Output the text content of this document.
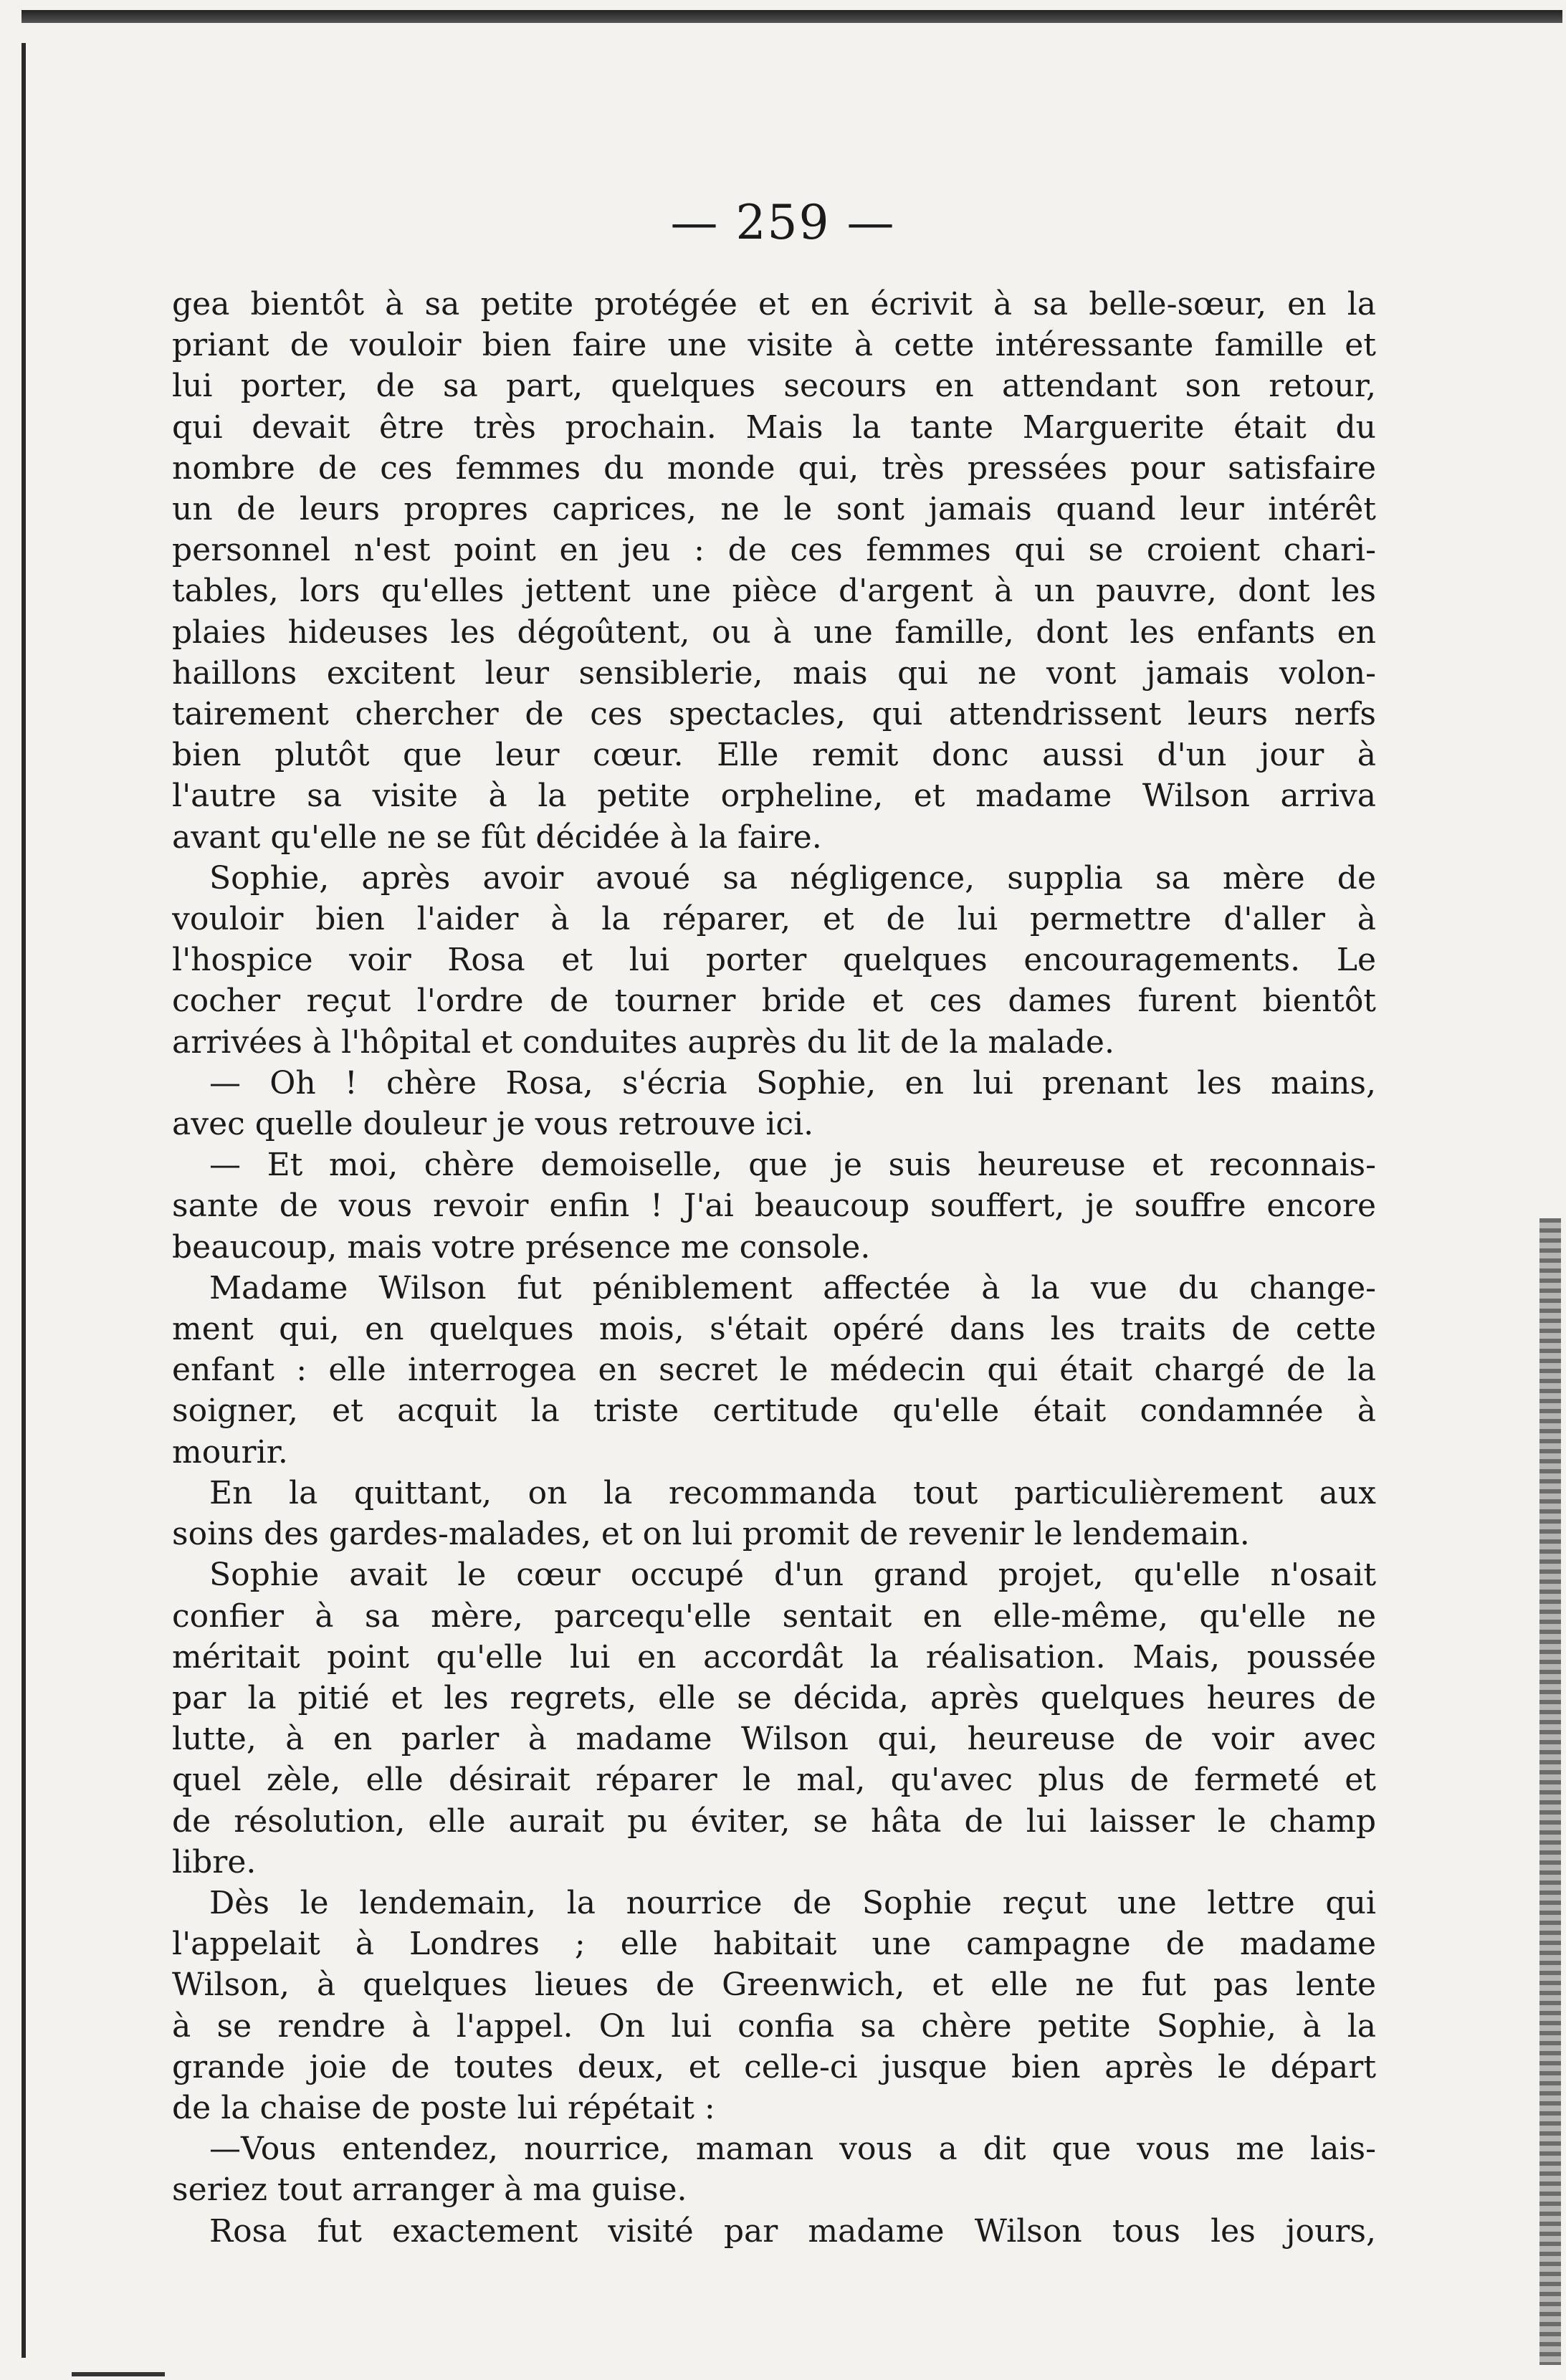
— 259 —
gea bientôt à sa petite protégée et en écrivit à sa belle-sœur, en la
priant de vouloir bien faire une visite à cette intéressante famille et
lui porter, de sa part, quelques secours en attendant son retour,
qui devait être très prochain. Mais la tante Marguerite était du
nombre de ces femmes du monde qui, très pressées pour satisfaire
un de leurs propres caprices, ne le sont jamais quand leur intérêt
personnel n'est point en jeu : de ces femmes qui se croient chari-
tables, lors qu'elles jettent une pièce d'argent à un pauvre, dont les
plaies hideuses les dégoûtent, ou à une famille, dont les enfants en
haillons excitent leur sensiblerie, mais qui ne vont jamais volon-
tairement chercher de ces spectacles, qui attendrissent leurs nerfs
bien plutôt que leur cœur. Elle remit donc aussi d'un jour à
l'autre sa visite à la petite orpheline, et madame Wilson arriva
avant qu'elle ne se fût décidée à la faire.
Sophie, après avoir avoué sa négligence, supplia sa mère de
vouloir bien l'aider à la réparer, et de lui permettre d'aller à
l'hospice voir Rosa et lui porter quelques encouragements. Le
cocher reçut l'ordre de tourner bride et ces dames furent bientôt
arrivées à l'hôpital et conduites auprès du lit de la malade.
— Oh ! chère Rosa, s'écria Sophie, en lui prenant les mains,
avec quelle douleur je vous retrouve ici.
— Et moi, chère demoiselle, que je suis heureuse et reconnais-
sante de vous revoir enfin ! J'ai beaucoup souffert, je souffre encore
beaucoup, mais votre présence me console.
Madame Wilson fut péniblement affectée à la vue du change-
ment qui, en quelques mois, s'était opéré dans les traits de cette
enfant : elle interrogea en secret le médecin qui était chargé de la
soigner, et acquit la triste certitude qu'elle était condamnée à
mourir.
En la quittant, on la recommanda tout particulièrement aux
soins des gardes-malades, et on lui promit de revenir le lendemain.
Sophie avait le cœur occupé d'un grand projet, qu'elle n'osait
confier à sa mère, parcequ'elle sentait en elle-même, qu'elle ne
méritait point qu'elle lui en accordât la réalisation. Mais, poussée
par la pitié et les regrets, elle se décida, après quelques heures de
lutte, à en parler à madame Wilson qui, heureuse de voir avec
quel zèle, elle désirait réparer le mal, qu'avec plus de fermeté et
de résolution, elle aurait pu éviter, se hâta de lui laisser le champ
libre.
Dès le lendemain, la nourrice de Sophie reçut une lettre qui
l'appelait à Londres ; elle habitait une campagne de madame
Wilson, à quelques lieues de Greenwich, et elle ne fut pas lente
à se rendre à l'appel. On lui confia sa chère petite Sophie, à la
grande joie de toutes deux, et celle-ci jusque bien après le départ
de la chaise de poste lui répétait :
—Vous entendez, nourrice, maman vous a dit que vous me lais-
seriez tout arranger à ma guise.
Rosa fut exactement visité par madame Wilson tous les jours,
